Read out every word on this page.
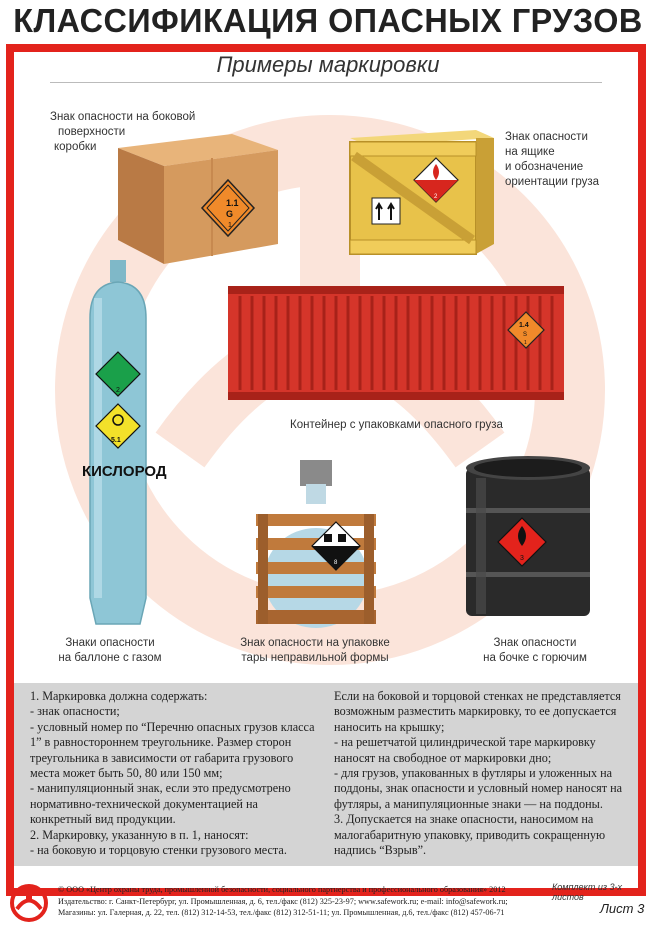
КЛАССИФИКАЦИЯ ОПАСНЫХ ГРУЗОВ
Примеры маркировки
1.1
G
1
Знак опасности на боковой
поверхности
коробки
2
Знак опасности
на ящике
и обозначение
ориентации груза
1.4
S
1
Контейнер с упаковками опасного груза
2
5.1
КИСЛОРОД
Знаки опасности
на баллоне с газом
8
Знак опасности на упаковке
тары неправильной формы
3
Знак опасности
на бочке с горючим

1. Маркировка должна содержать:

- знак опасности;

- условный номер по “Перечню опасных грузов класса 1” в равностороннем треугольнике. Размер сторон треугольника в зависимости от габарита грузового места может быть 50, 80 или 150 мм;

- манипуляционный знак, если это предусмотрено нормативно-технической документацией на конкретный вид продукции.

2. Маркировку, указанную в п. 1, наносят:

- на боковую и торцовую стенки грузового места.

Если на боковой и торцовой стенках не представляется возможным разместить маркировку, то ее допускается наносить на крышку;

- на решетчатой цилиндрической таре маркировку наносят на свободное от маркировки дно;

- для грузов, упакованных в футляры и уложенных на поддоны, знак опасности и условный номер наносят на футляры, а манипуляционные знаки — на поддоны.

3. Допускается на знаке опасности, наносимом на малогабаритную упаковку, приводить сокращенную надпись “Взрыв”.

© ООО «Центр охраны труда, промышленной безопасности, социального партнерства и профессионального образования» 2012
Издательство: г. Санкт-Петербург, ул. Промышленная, д. 6, тел./факс (812) 325-23-97; www.safework.ru; e-mail: info@safework.ru;
Магазины: ул. Галерная, д. 22, тел. (812) 312-14-53, тел./факс (812) 312-51-11; ул. Промышленная, д.6, тел./факс (812) 457-06-71
Комплект из 3-х листов
Лист 3
